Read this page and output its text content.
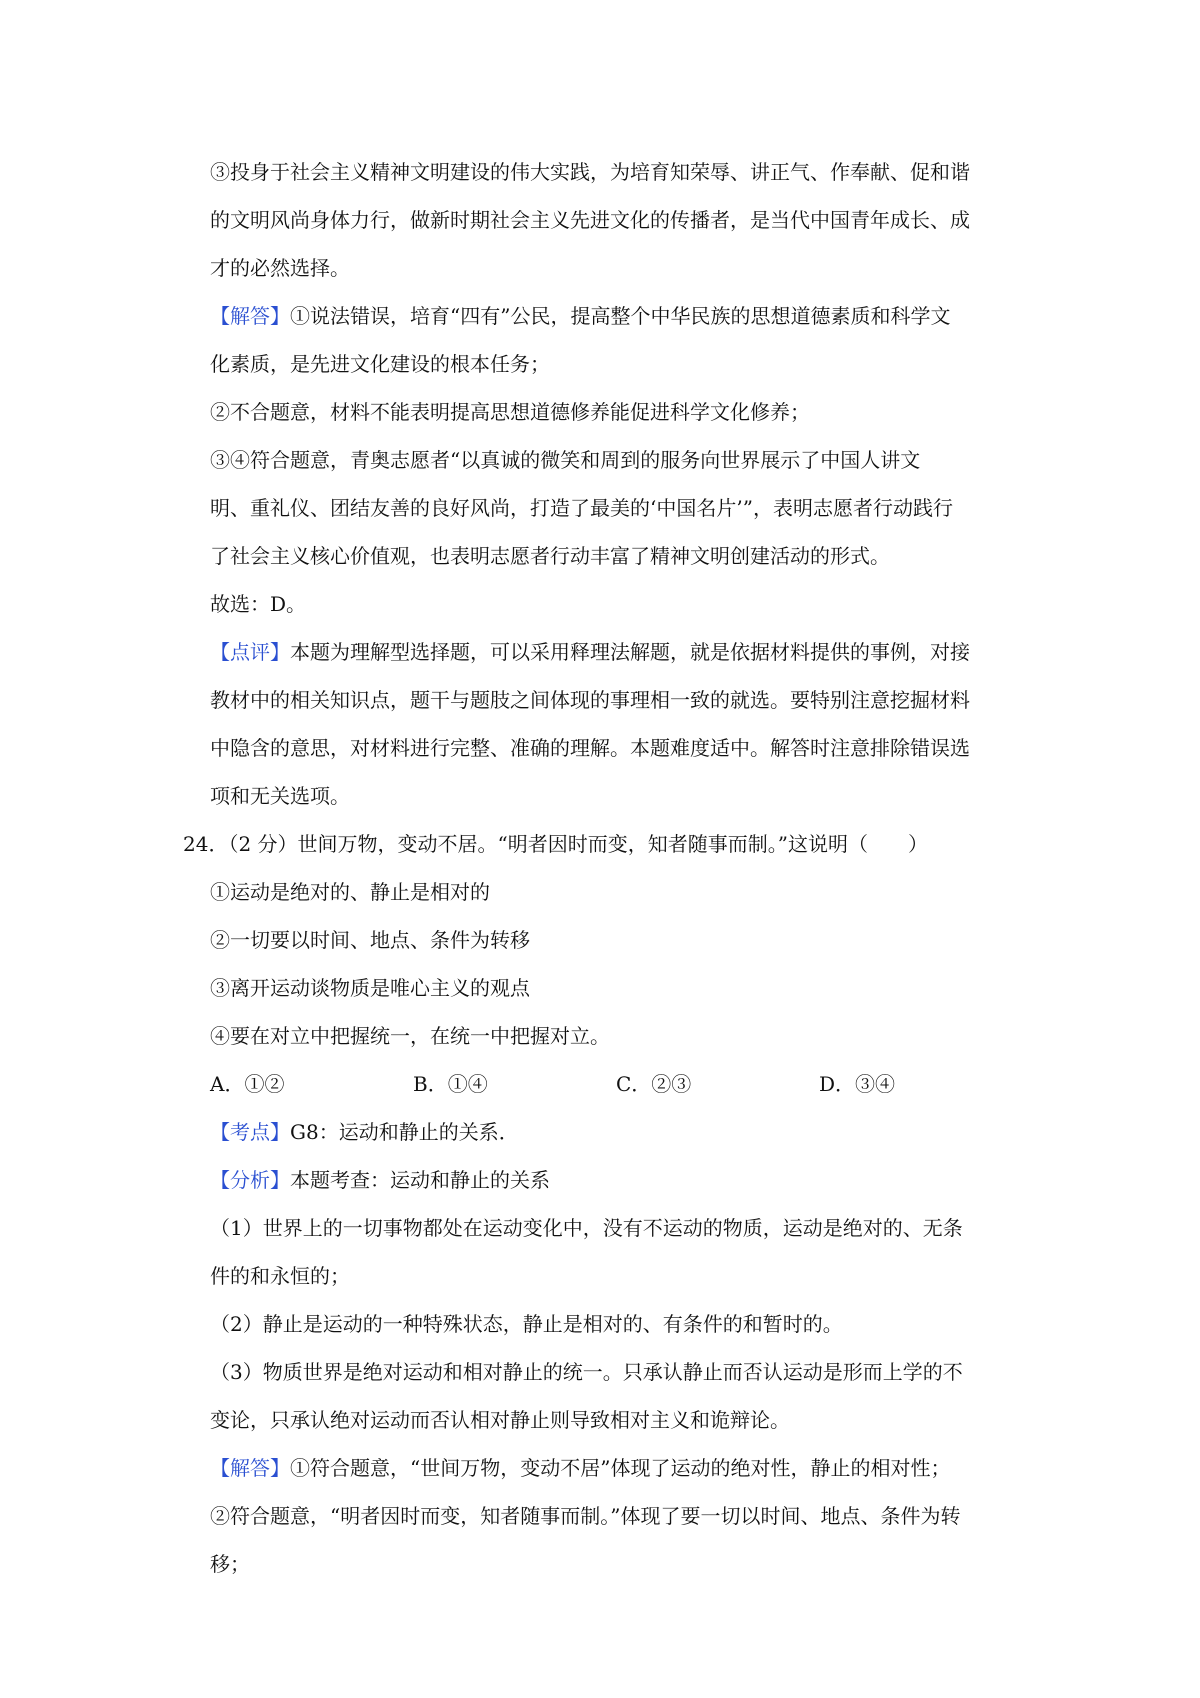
③投身于社会主义精神文明建设的伟大实践，为培育知荣辱、讲正气、作奉献、促和谐

的文明风尚身体力行，做新时期社会主义先进文化的传播者，是当代中国青年成长、成

才的必然选择。

【解答】①说法错误，培育“四有”公民，提高整个中华民族的思想道德素质和科学文

化素质，是先进文化建设的根本任务；

②不合题意，材料不能表明提高思想道德修养能促进科学文化修养；

③④符合题意，青奥志愿者“以真诚的微笑和周到的服务向世界展示了中国人讲文

明、重礼仪、团结友善的良好风尚，打造了最美的‘中国名片’”，表明志愿者行动践行

了社会主义核心价值观，也表明志愿者行动丰富了精神文明创建活动的形式。

故选：D。

【点评】本题为理解型选择题，可以采用释理法解题，就是依据材料提供的事例，对接

教材中的相关知识点，题干与题肢之间体现的事理相一致的就选。要特别注意挖掘材料

中隐含的意思，对材料进行完整、准确的理解。本题难度适中。解答时注意排除错误选

项和无关选项。

24．（2 分）世间万物，变动不居。“明者因时而变，知者随事而制。”这说明（　　）

①运动是绝对的、静止是相对的

②一切要以时间、地点、条件为转移

③离开运动谈物质是唯心主义的观点

④要在对立中把握统一，在统一中把握对立。

A．①②	B．①④	C．②③	D．③④

【考点】G8：运动和静止的关系．

【分析】本题考查：运动和静止的关系

（1）世界上的一切事物都处在运动变化中，没有不运动的物质，运动是绝对的、无条

件的和永恒的；

（2）静止是运动的一种特殊状态，静止是相对的、有条件的和暂时的。

（3）物质世界是绝对运动和相对静止的统一。只承认静止而否认运动是形而上学的不

变论，只承认绝对运动而否认相对静止则导致相对主义和诡辩论。

【解答】①符合题意，“世间万物，变动不居”体现了运动的绝对性，静止的相对性；

②符合题意，“明者因时而变，知者随事而制。”体现了要一切以时间、地点、条件为转

移；
